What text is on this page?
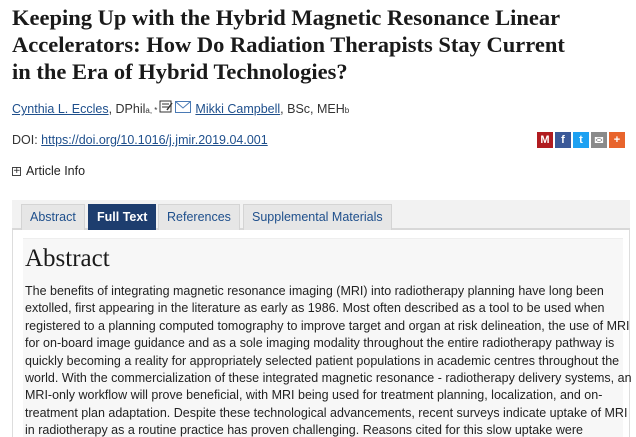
Keeping Up with the Hybrid Magnetic Resonance Linear
Accelerators: How Do Radiation Therapists Stay Current
in the Era of Hybrid Technologies?
Cynthia L. Eccles , DPhil a, *	Mikki Campbell , BSc, MEH b
DOI: https://doi.org/10.1016/j.jmir.2019.04.001	M	f	t	✉ +
+ Article Info
Abstract	Full Text	References	Supplemental Materials
Abstract
The benefits of integrating magnetic resonance imaging (MRI) into radiotherapy planning have long been
extolled, first appearing in the literature as early as 1986. Most often described as a tool to be used when
registered to a planning computed tomography to improve target and organ at risk delineation, the use of MRI
for on-board image guidance and as a sole imaging modality throughout the entire radiotherapy pathway is
quickly becoming a reality for appropriately selected patient populations in academic centres throughout the
world. With the commercialization of these integrated magnetic resonance - radiotherapy delivery systems, an
MRI-only workflow will prove beneficial, with MRI being used for treatment planning, localization, and on-
treatment plan adaptation. Despite these technological advancements, recent surveys indicate uptake of MRI
in radiotherapy as a routine practice has proven challenging. Reasons cited for this slow uptake were
